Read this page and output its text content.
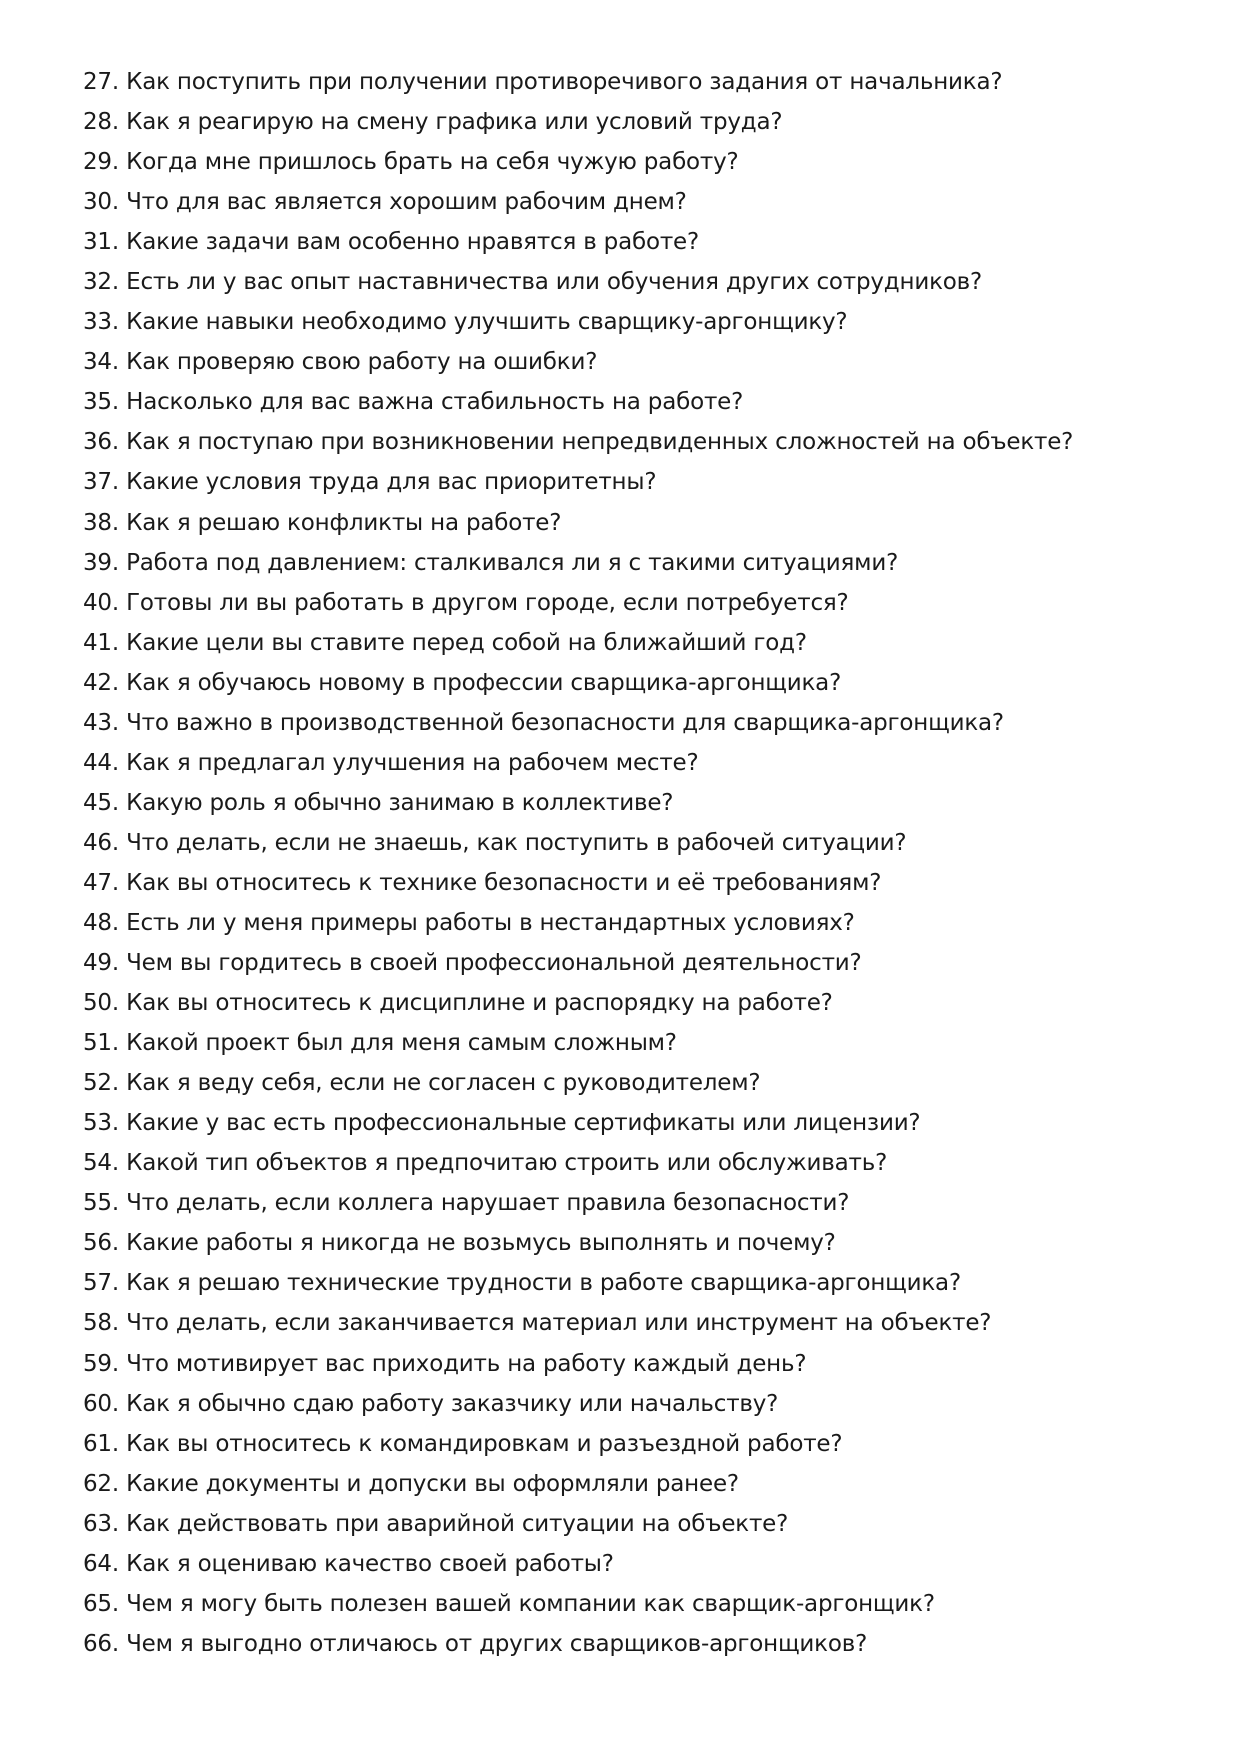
27. Как поступить при получении противоречивого задания от начальника?
28. Как я реагирую на смену графика или условий труда?
29. Когда мне пришлось брать на себя чужую работу?
30. Что для вас является хорошим рабочим днем?
31. Какие задачи вам особенно нравятся в работе?
32. Есть ли у вас опыт наставничества или обучения других сотрудников?
33. Какие навыки необходимо улучшить сварщику-аргонщику?
34. Как проверяю свою работу на ошибки?
35. Насколько для вас важна стабильность на работе?
36. Как я поступаю при возникновении непредвиденных сложностей на объекте?
37. Какие условия труда для вас приоритетны?
38. Как я решаю конфликты на работе?
39. Работа под давлением: сталкивался ли я с такими ситуациями?
40. Готовы ли вы работать в другом городе, если потребуется?
41. Какие цели вы ставите перед собой на ближайший год?
42. Как я обучаюсь новому в профессии сварщика-аргонщика?
43. Что важно в производственной безопасности для сварщика-аргонщика?
44. Как я предлагал улучшения на рабочем месте?
45. Какую роль я обычно занимаю в коллективе?
46. Что делать, если не знаешь, как поступить в рабочей ситуации?
47. Как вы относитесь к технике безопасности и её требованиям?
48. Есть ли у меня примеры работы в нестандартных условиях?
49. Чем вы гордитесь в своей профессиональной деятельности?
50. Как вы относитесь к дисциплине и распорядку на работе?
51. Какой проект был для меня самым сложным?
52. Как я веду себя, если не согласен с руководителем?
53. Какие у вас есть профессиональные сертификаты или лицензии?
54. Какой тип объектов я предпочитаю строить или обслуживать?
55. Что делать, если коллега нарушает правила безопасности?
56. Какие работы я никогда не возьмусь выполнять и почему?
57. Как я решаю технические трудности в работе сварщика-аргонщика?
58. Что делать, если заканчивается материал или инструмент на объекте?
59. Что мотивирует вас приходить на работу каждый день?
60. Как я обычно сдаю работу заказчику или начальству?
61. Как вы относитесь к командировкам и разъездной работе?
62. Какие документы и допуски вы оформляли ранее?
63. Как действовать при аварийной ситуации на объекте?
64. Как я оцениваю качество своей работы?
65. Чем я могу быть полезен вашей компании как сварщик-аргонщик?
66. Чем я выгодно отличаюсь от других сварщиков-аргонщиков?
